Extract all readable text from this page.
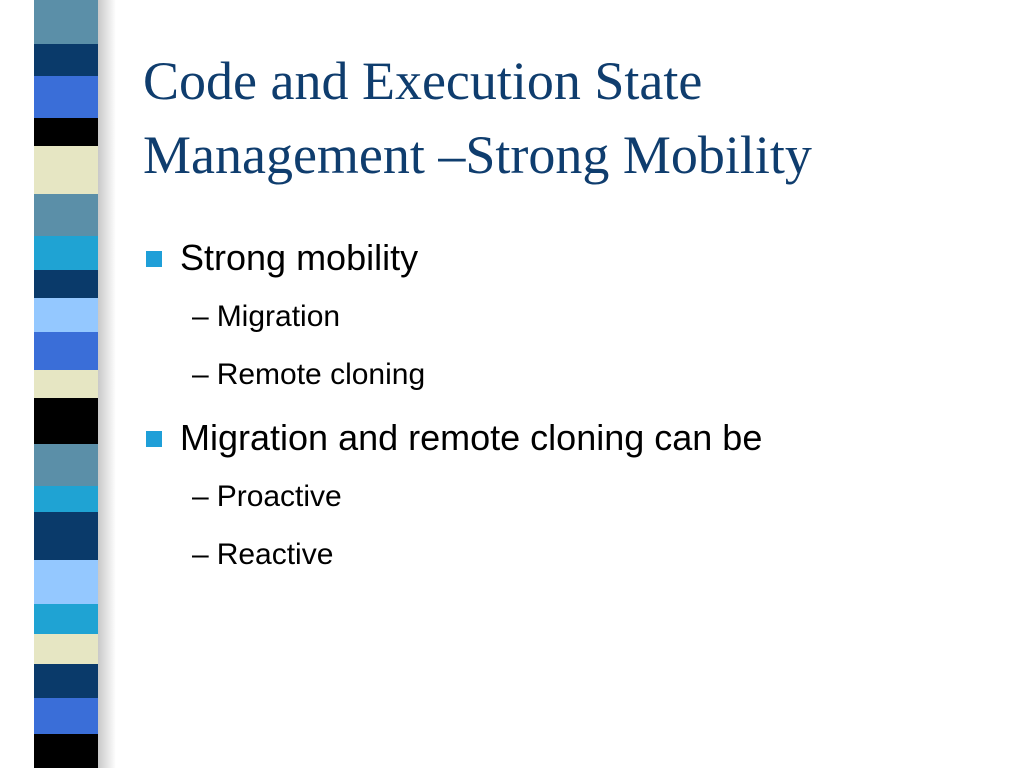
Code and Execution State
Management –Strong Mobility
Strong mobility
– Migration
– Remote cloning
Migration and remote cloning can be
– Proactive
– Reactive
